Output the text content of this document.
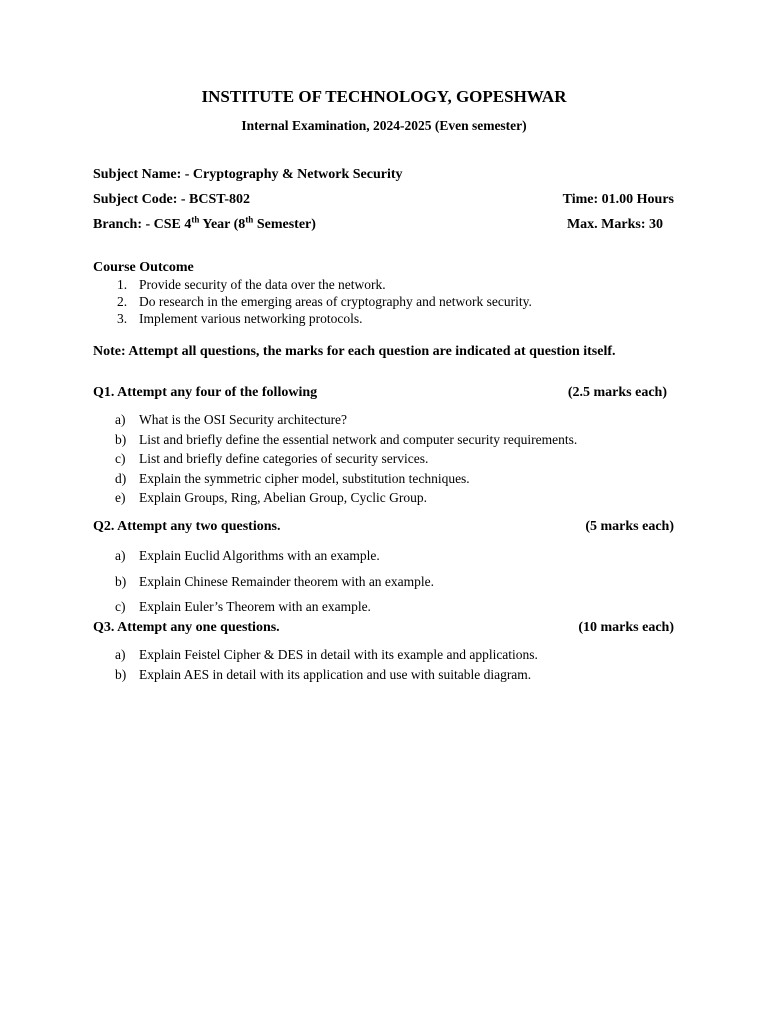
INSTITUTE OF TECHNOLOGY, GOPESHWAR
Internal Examination, 2024-2025 (Even semester)
Subject Name: - Cryptography & Network Security
Subject Code: - BCST-802	Time: 01.00 Hours
Branch: - CSE 4th Year (8th Semester)	Max. Marks: 30
Course Outcome
1. Provide security of the data over the network.
2. Do research in the emerging areas of cryptography and network security.
3. Implement various networking protocols.
Note: Attempt all questions, the marks for each question are indicated at question itself.
Q1. Attempt any four of the following	(2.5 marks each)
a) What is the OSI Security architecture?
b) List and briefly define the essential network and computer security requirements.
c) List and briefly define categories of security services.
d) Explain the symmetric cipher model, substitution techniques.
e) Explain Groups, Ring, Abelian Group, Cyclic Group.
Q2. Attempt any two questions.	(5 marks each)
a) Explain Euclid Algorithms with an example.
b) Explain Chinese Remainder theorem with an example.
c) Explain Euler’s Theorem with an example.
Q3. Attempt any one questions.	(10 marks each)
a) Explain Feistel Cipher & DES in detail with its example and applications.
b) Explain AES in detail with its application and use with suitable diagram.
